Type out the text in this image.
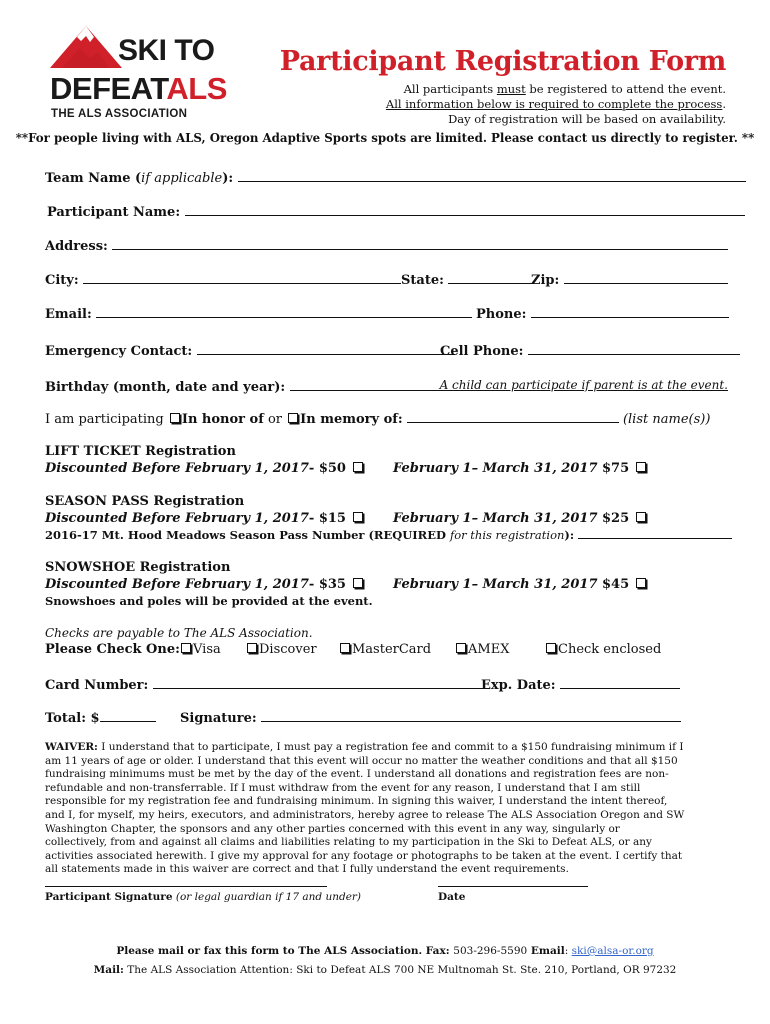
SKI TO
DEFEATALS
THE ALS ASSOCIATION
Participant Registration Form
All participants must be registered to attend the event.
All information below is required to complete the process.
Day of registration will be based on availability.
**For people living with ALS, Oregon Adaptive Sports spots are limited. Please contact us directly to register. **
Team Name (if applicable):
Participant Name:
Address:
City:	State:	Zip:
Email:	Phone:
Emergency Contact:	Cell Phone:
Birthday (month, date and year):	A child can participate if parent is at the event.
I am participating In honor of or In memory of:	(list name(s))
LIFT TICKET Registration
Discounted Before February 1, 2017- $50	February 1– March 31, 2017 $75
SEASON PASS Registration
Discounted Before February 1, 2017- $15	February 1– March 31, 2017 $25
2016-17 Mt. Hood Meadows Season Pass Number (REQUIRED for this registration):
SNOWSHOE Registration
Discounted Before February 1, 2017- $35	February 1– March 31, 2017 $45
Snowshoes and poles will be provided at the event.
Checks are payable to The ALS Association.
Please Check One:	Visa	Discover	MasterCard	AMEX	Check enclosed
Card Number:	Exp. Date:
Total: $	Signature:
WAIVER: I understand that to participate, I must pay a registration fee and commit to a $150 fundraising minimum if I am 11 years of age or older. I understand that this event will occur no matter the weather conditions and that all $150 fundraising minimums must be met by the day of the event. I understand all donations and registration fees are non-refundable and non-transferrable. If I must withdraw from the event for any reason, I understand that I am still responsible for my registration fee and fundraising minimum. In signing this waiver, I understand the intent thereof, and I, for myself, my heirs, executors, and administrators, hereby agree to release The ALS Association Oregon and SW Washington Chapter, the sponsors and any other parties concerned with this event in any way, singularly or collectively, from and against all claims and liabilities relating to my participation in the Ski to Defeat ALS, or any activities associated herewith. I give my approval for any footage or photographs to be taken at the event. I certify that all statements made in this waiver are correct and that I fully understand the event requirements.
Participant Signature (or legal guardian if 17 and under)	Date
Please mail or fax this form to The ALS Association. Fax: 503-296-5590 Email: ski@alsa-or.org
Mail: The ALS Association Attention: Ski to Defeat ALS 700 NE Multnomah St. Ste. 210, Portland, OR 97232
